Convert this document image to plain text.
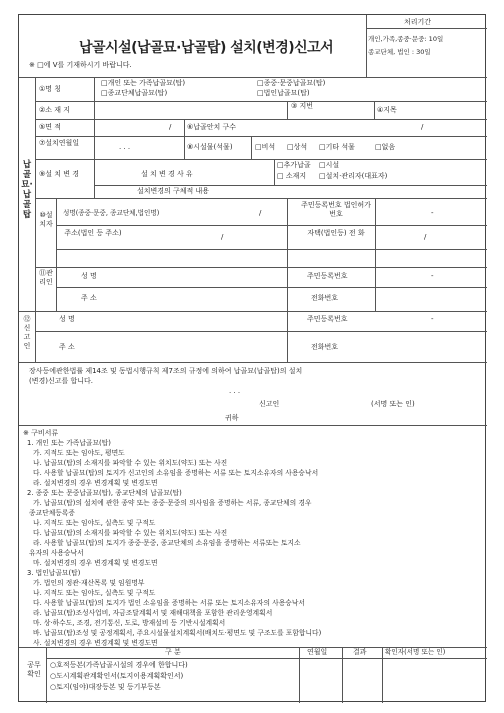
납골시설(납골묘·납골탑) 설치(변경)신고서
※ □에 V를 기재하시기 바랍니다.
처리기간
개인,가족,종중·문중: 10일
종교단체, 법인 : 30일
납골묘·납골탑
①명 칭
□개인 또는 가족납골묘(탑)	□종중·문중납골묘(탑)
□종교단체납골묘(탑)	□법인납골묘(탑)
②소 재 지	③ 지번	④지목
⑤면 적	/ ⑥납골안치 구수	/
⑦설치연월일	. . .	⑧시설물(석물)	□비석 □상석 □기타 석물	□없음
⑨설 치 변 경	설 치 변 경 사 유
□추가납골 □시설
□ 소재지 □설치·관리자(대표자)
설치변경의 구체적 내용
⑩설치자
성명(종중·문중, 종교단체,법인명)	/
주민등록번호 법인허가번호	-
주소(법인 등 주소)	/	자택(법인등) 전 화	/
⑪관리인
성 명	주민등록번호	-
주 소	전화번호
⑫신고인
성 명	주민등록번호	-
주 소	전화번호
장사등에관한법률 제14조 및 동법시행규칙 제7조의 규정에 의하여 납골묘(납골탑)의 설치
(변경)신고를 합니다.
. . .
신고인	(서명 또는 인)
귀하
※ 구비서류
1. 개인 또는 가족납골묘(탑)
가. 지적도 또는 임야도, 평면도
나. 납골묘(탑)의 소재지를 파악할 수 있는 위치도(약도) 또는 사진
다. 사용할 납골묘(탑)의 토지가 신고인의 소유임을 증명하는 서류 또는 토지소유자의 사용승낙서
라. 설치변경의 경우 변경계획 및 변경도면
2. 종중 또는 문중납골묘(탑), 종교단체의 납골묘(탑)
가. 납골묘(탑)의 설치에 관한 종약 또는 종중·문중의 의사임을 증명하는 서류, 종교단체의 경우
종교단체등록증
나. 지적도 또는 임야도, 실측도 및 구적도
다. 납골묘(탑)의 소재지를 파악할 수 있는 위치도(약도) 또는 사진
라. 사용할 납골묘(탑)의 토지가 종중·문중, 종교단체의 소유임을 증명하는 서류또는 토지소
유자의 사용승낙서
마. 설치변경의 경우 변경계획 및 변경도면
3. 법인납골묘(탑)
가. 법인의 정관·재산목록 및 임원명부
나. 지적도 또는 임야도, 실측도 및 구적도
다. 사용할 납골묘(탑)의 토지가 법인 소유임을 증명하는 서류 또는 토지소유자의 사용승낙서
라. 납골묘(탑)조성사업비, 자금조달계획서 및 재해대책을 포함한 관리운영계획서
마. 상·하수도, 조경, 전기통신, 도로, 방재설비 등 기반시설계획서
바. 납골묘(탑)조성 및 공정계획서, 주요시설물설치계획서(배치도·평면도 및 구조도를 포함합니다)
사. 설치변경의 경우 변경계획 및 변경도면
구 분	연월일	결과	확인자(서명 또는 인)
공무확인
○호적등본(가족납골시설의 경우에 한합니다)
○도시계획관계확인서(토지이용계획확인서)
○토지(임야)대장등본 및 등기부등본
